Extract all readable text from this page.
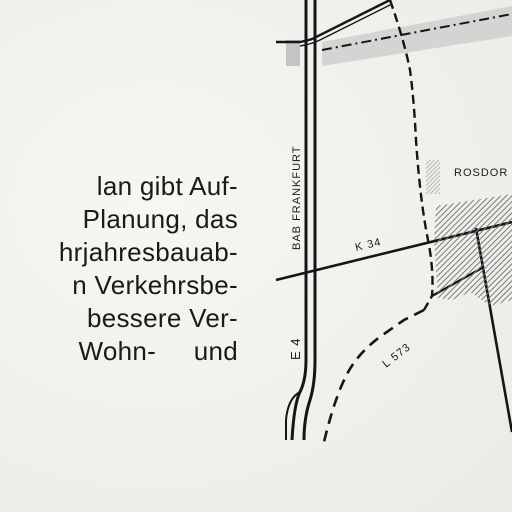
lan gibt Auf-
Planung, das
hrjahresbauab-
n Verkehrsbe-
bessere Ver-
Wohn-     und
BAB FRANKFURT
E 4
K 34
L 573
ROSDOR
